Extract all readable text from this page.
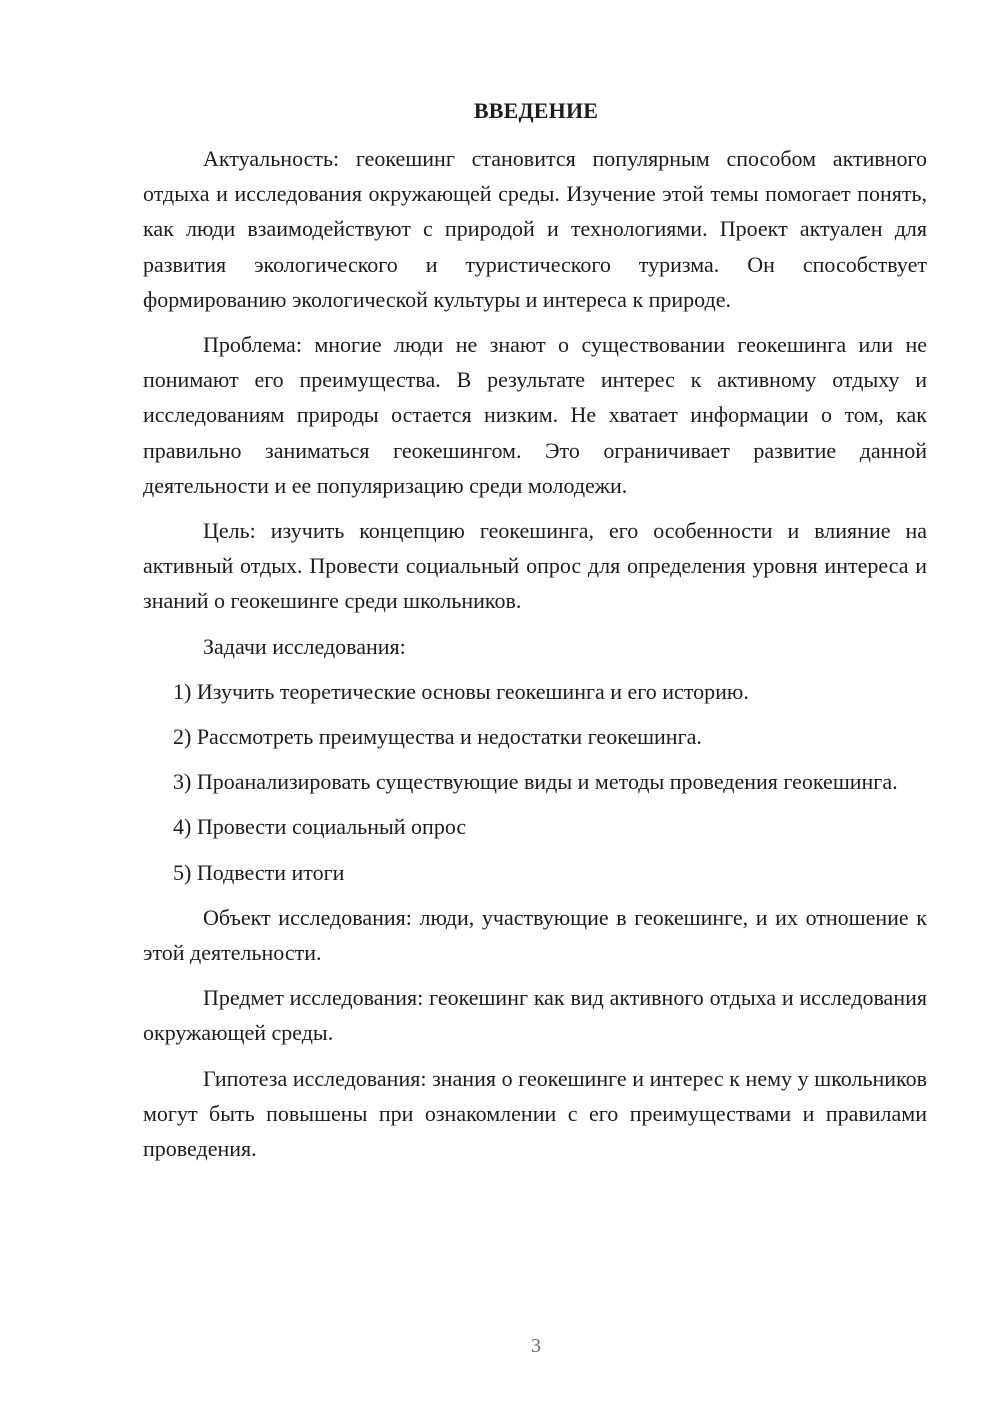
ВВЕДЕНИЕ

Актуальность: геокешинг становится популярным способом активного отдыха и исследования окружающей среды. Изучение этой темы помогает понять, как люди взаимодействуют с природой и технологиями. Проект актуален для развития экологического и туристического туризма. Он способствует формированию экологической культуры и интереса к природе.

Проблема: многие люди не знают о существовании геокешинга или не понимают его преимущества. В результате интерес к активному отдыху и исследованиям природы остается низким. Не хватает информации о том, как правильно заниматься геокешингом. Это ограничивает развитие данной деятельности и ее популяризацию среди молодежи.

Цель: изучить концепцию геокешинга, его особенности и влияние на активный отдых. Провести социальный опрос для определения уровня интереса и знаний о геокешинге среди школьников.

Задачи исследования:

1) Изучить теоретические основы геокешинга и его историю.

2) Рассмотреть преимущества и недостатки геокешинга.

3) Проанализировать существующие виды и методы проведения геокешинга.

4) Провести социальный опрос

5) Подвести итоги

Объект исследования: люди, участвующие в геокешинге, и их отношение к этой деятельности.

Предмет исследования: геокешинг как вид активного отдыха и исследования окружающей среды.

Гипотеза исследования: знания о геокешинге и интерес к нему у школьников могут быть повышены при ознакомлении с его преимуществами и правилами проведения.

3
